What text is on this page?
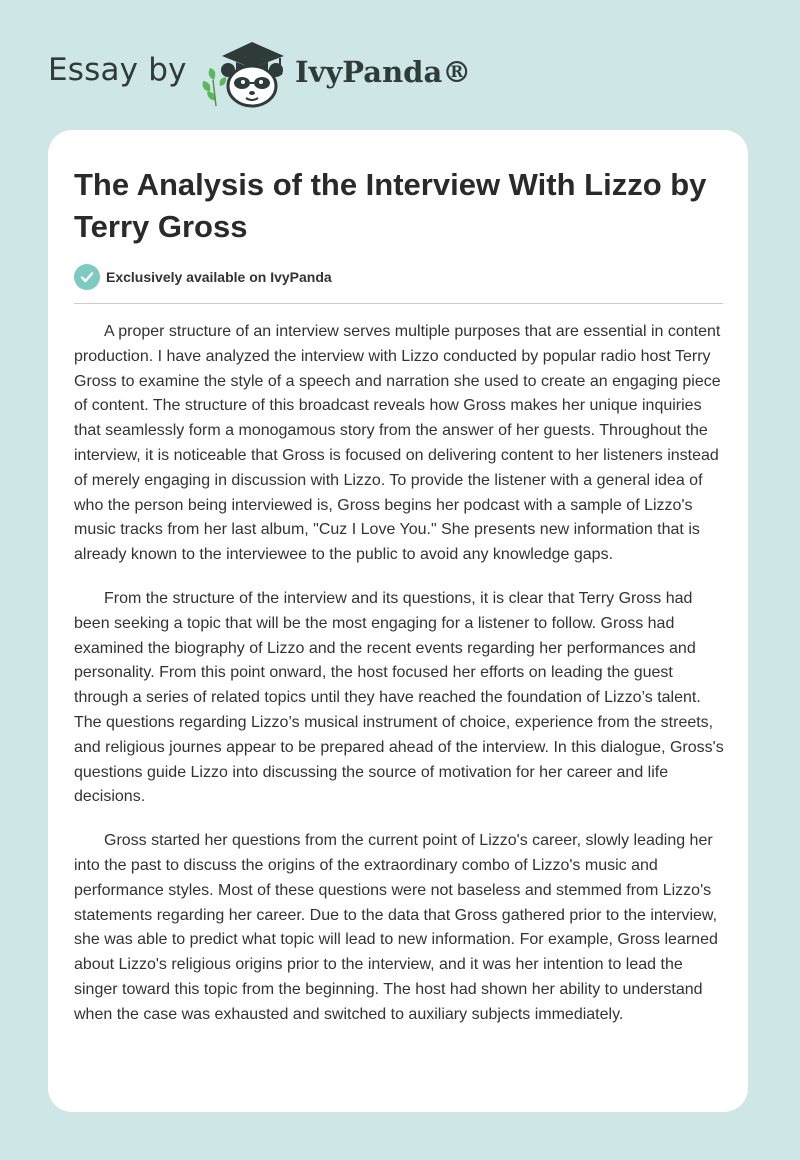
Essay by	IvyPanda®
The Analysis of the Interview With Lizzo by Terry Gross
Exclusively available on IvyPanda

A proper structure of an interview serves multiple purposes that are essential in content production. I have analyzed the interview with Lizzo conducted by popular radio host Terry Gross to examine the style of a speech and narration she used to create an engaging piece of content. The structure of this broadcast reveals how Gross makes her unique inquiries that seamlessly form a monogamous story from the answer of her guests. Throughout the interview, it is noticeable that Gross is focused on delivering content to her listeners instead of merely engaging in discussion with Lizzo. To provide the listener with a general idea of who the person being interviewed is, Gross begins her podcast with a sample of Lizzo's music tracks from her last album, "Cuz I Love You." She presents new information that is already known to the interviewee to the public to avoid any knowledge gaps.

From the structure of the interview and its questions, it is clear that Terry Gross had been seeking a topic that will be the most engaging for a listener to follow. Gross had examined the biography of Lizzo and the recent events regarding her performances and personality. From this point onward, the host focused her efforts on leading the guest through a series of related topics until they have reached the foundation of Lizzo’s talent. The questions regarding Lizzo’s musical instrument of choice, experience from the streets, and religious journes appear to be prepared ahead of the interview. In this dialogue, Gross's questions guide Lizzo into discussing the source of motivation for her career and life decisions.

Gross started her questions from the current point of Lizzo's career, slowly leading her into the past to discuss the origins of the extraordinary combo of Lizzo's music and performance styles. Most of these questions were not baseless and stemmed from Lizzo's statements regarding her career. Due to the data that Gross gathered prior to the interview, she was able to predict what topic will lead to new information. For example, Gross learned about Lizzo's religious origins prior to the interview, and it was her intention to lead the singer toward this topic from the beginning. The host had shown her ability to understand when the case was exhausted and switched to auxiliary subjects immediately.
